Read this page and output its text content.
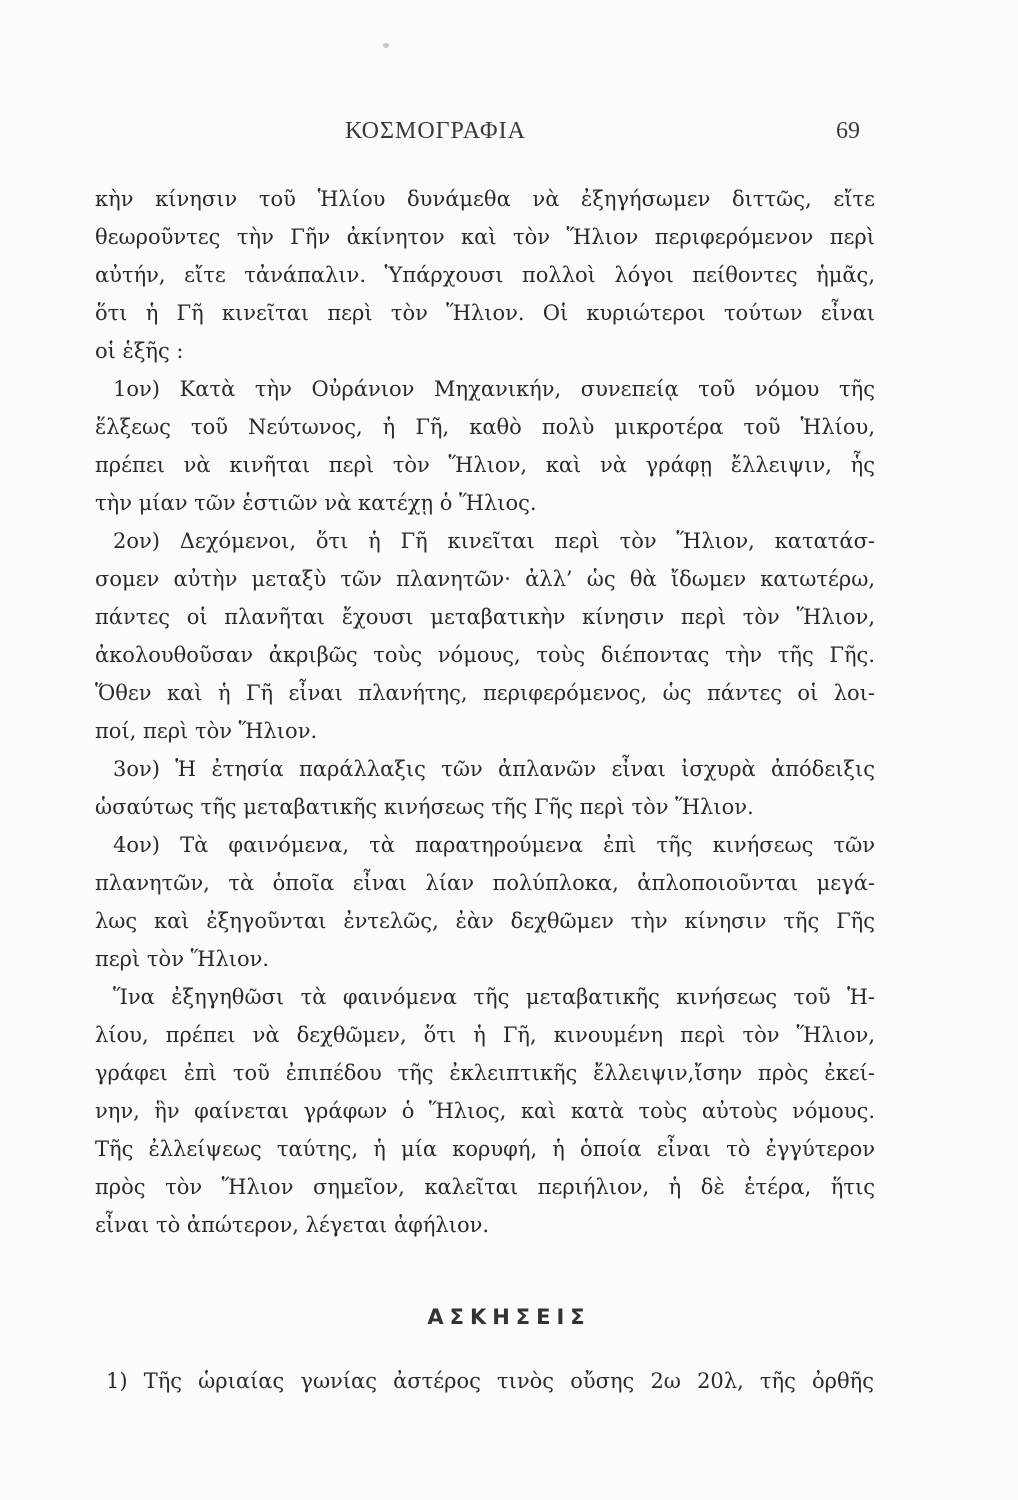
ΚΟΣΜΟΓΡΑΦΙΑ	69
κὴν κίνησιν τοῦ Ἡλίου δυνάμεθα νὰ ἐξηγήσωμεν διττῶς, εἴτε
θεωροῦντες τὴν Γῆν ἀκίνητον καὶ τὸν Ἥλιον περιφερόμενον περὶ
αὐτήν, εἴτε τἀνάπαλιν. Ὑπάρχουσι πολλοὶ λόγοι πείθοντες ἡμᾶς,
ὅτι ἡ Γῆ κινεῖται περὶ τὸν Ἥλιον. Οἱ κυριώτεροι τούτων εἶναι
οἱ ἑξῆς :
1ον) Κατὰ τὴν Οὐράνιον Μηχανικήν, συνεπείᾳ τοῦ νόμου τῆς
ἕλξεως τοῦ Νεύτωνος, ἡ Γῆ, καθὸ πολὺ μικροτέρα τοῦ Ἡλίου,
πρέπει νὰ κινῆται περὶ τὸν Ἥλιον, καὶ νὰ γράφῃ ἔλλειψιν, ἧς
τὴν μίαν τῶν ἑστιῶν νὰ κατέχῃ ὁ Ἥλιος.
2ον) Δεχόμενοι, ὅτι ἡ Γῆ κινεῖται περὶ τὸν Ἥλιον, κατατάσ-
σομεν αὐτὴν μεταξὺ τῶν πλανητῶν· ἀλλ’ ὡς θὰ ἴδωμεν κατωτέρω,
πάντες οἱ πλανῆται ἔχουσι μεταβατικὴν κίνησιν περὶ τὸν Ἥλιον,
ἀκολουθοῦσαν ἀκριβῶς τοὺς νόμους, τοὺς διέποντας τὴν τῆς Γῆς.
Ὅθεν καὶ ἡ Γῆ εἶναι πλανήτης, περιφερόμενος, ὡς πάντες οἱ λοι-
ποί, περὶ τὸν Ἥλιον.
3ον) Ἡ ἐτησία παράλλαξις τῶν ἀπλανῶν εἶναι ἰσχυρὰ ἀπόδειξις
ὡσαύτως τῆς μεταβατικῆς κινήσεως τῆς Γῆς περὶ τὸν Ἥλιον.
4ον) Τὰ φαινόμενα, τὰ παρατηρούμενα ἐπὶ τῆς κινήσεως τῶν
πλανητῶν, τὰ ὁποῖα εἶναι λίαν πολύπλοκα, ἁπλοποιοῦνται μεγά-
λως καὶ ἐξηγοῦνται ἐντελῶς, ἐὰν δεχθῶμεν τὴν κίνησιν τῆς Γῆς
περὶ τὸν Ἥλιον.
Ἵνα ἐξηγηθῶσι τὰ φαινόμενα τῆς μεταβατικῆς κινήσεως τοῦ Ἡ-
λίου, πρέπει νὰ δεχθῶμεν, ὅτι ἡ Γῆ, κινουμένη περὶ τὸν Ἥλιον,
γράφει ἐπὶ τοῦ ἐπιπέδου τῆς ἐκλειπτικῆς ἔλλειψιν,ἴσην πρὸς ἐκεί-
νην, ἣν φαίνεται γράφων ὁ Ἥλιος, καὶ κατὰ τοὺς αὐτοὺς νόμους.
Τῆς ἐλλείψεως ταύτης, ἡ μία κορυφή, ἡ ὁποία εἶναι τὸ ἐγγύτερον
πρὸς τὸν Ἥλιον σημεῖον, καλεῖται περιήλιον, ἡ δὲ ἑτέρα, ἥτις
εἶναι τὸ ἀπώτερον, λέγεται ἀφήλιον.
ΑΣΚΗΣΕΙΣ
1) Τῆς ὡριαίας γωνίας ἀστέρος τινὸς οὔσης 2ω 20λ, τῆς ὀρθῆς
